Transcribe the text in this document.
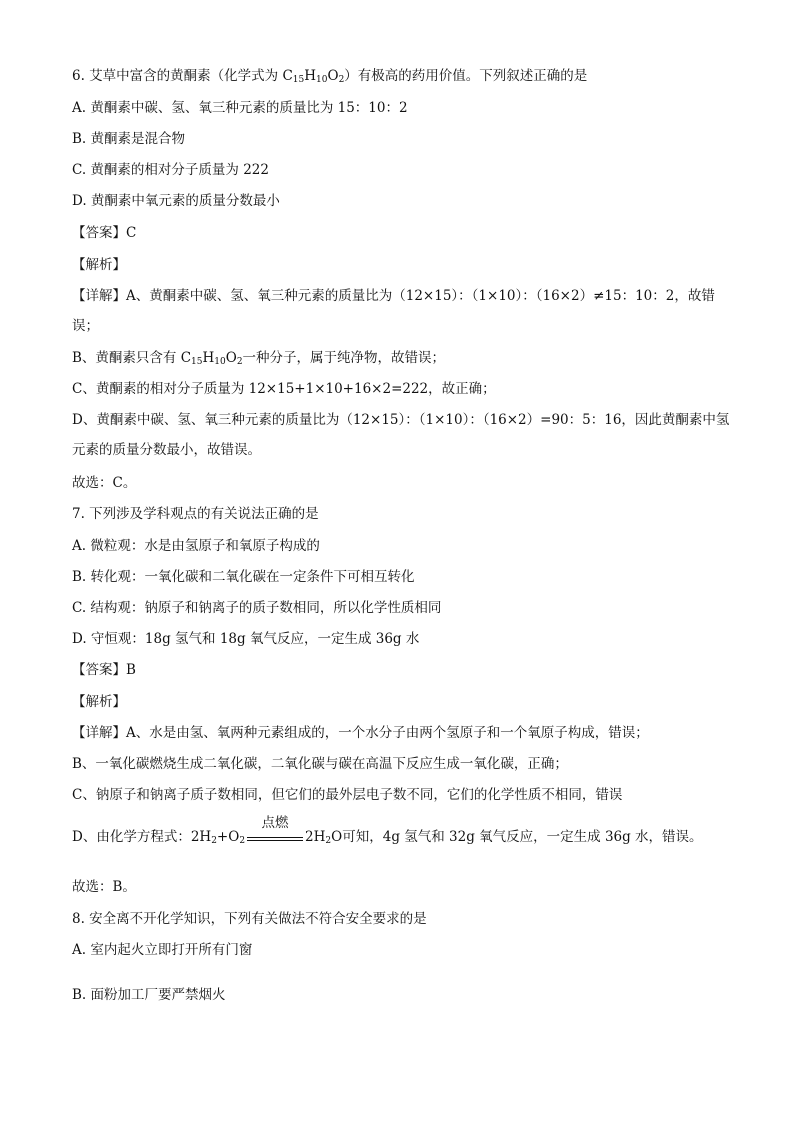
6. 艾草中富含的黄酮素（化学式为 $C_{15}H_{10}O_2$）有极高的药用价值。下列叙述正确的是
A. 黄酮素中碳、氢、氧三种元素的质量比为 15：10：2
B. 黄酮素是混合物
C. 黄酮素的相对分子质量为 222
D. 黄酮素中氧元素的质量分数最小
【答案】C
【解析】
【详解】A、黄酮素中碳、氢、氧三种元素的质量比为（12×15）：（1×10）：（16×2）≠15：10：2，故错误；
B、黄酮素只含有 $C_{15}H_{10}O_2$一种分子，属于纯净物，故错误；
C、黄酮素的相对分子质量为 12×15+1×10+16×2=222，故正确；
D、黄酮素中碳、氢、氧三种元素的质量比为（12×15）：（1×10）：（16×2）=90：5：16，因此黄酮素中氢元素的质量分数最小，故错误。
故选：C。
7. 下列涉及学科观点的有关说法正确的是
A. 微粒观：水是由氢原子和氧原子构成的
B. 转化观：一氧化碳和二氧化碳在一定条件下可相互转化
C. 结构观：钠原子和钠离子的质子数相同，所以化学性质相同
D. 守恒观：18g 氢气和 18g 氧气反应，一定生成 36g 水
【答案】B
【解析】
【详解】A、水是由氢、氧两种元素组成的，一个水分子由两个氢原子和一个氧原子构成，错误；
B、一氧化碳燃烧生成二氧化碳，二氧化碳与碳在高温下反应生成一氧化碳，正确；
C、钠原子和钠离子质子数相同，但它们的最外层电子数不同，它们的化学性质不相同，错误
D、由化学方程式：$2H_2+O_2$
点燃
$2H_2O$可知，4g 氢气和 32g 氧气反应，一定生成 36g 水，错误。
故选：B。
8. 安全离不开化学知识，下列有关做法不符合安全要求的是
A. 室内起火立即打开所有门窗
B. 面粉加工厂要严禁烟火
